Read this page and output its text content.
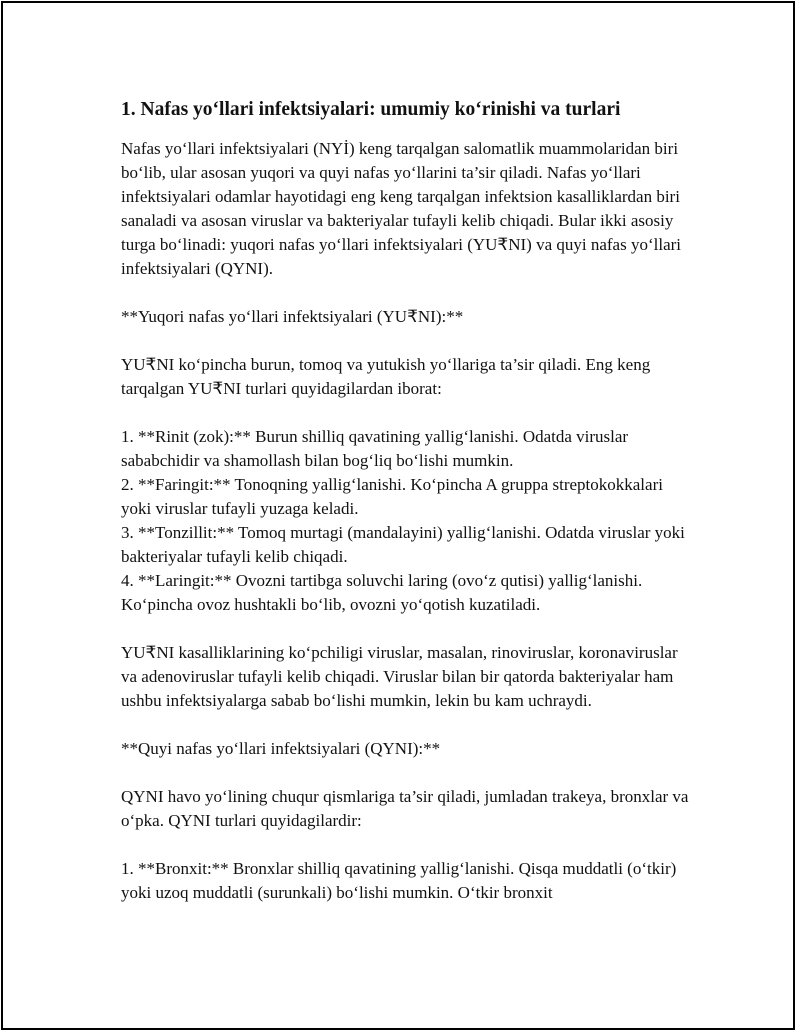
1. Nafas yo‘llari infektsiyalari: umumiy ko‘rinishi va turlari

Nafas yo‘llari infektsiyalari (NYİ) keng tarqalgan salomatlik muammolaridan biri bo‘lib, ular asosan yuqori va quyi nafas yo‘llarini ta’sir qiladi. Nafas yo‘llari infektsiyalari odamlar hayotidagi eng keng tarqalgan infektsion kasalliklardan biri sanaladi va asosan viruslar va bakteriyalar tufayli kelib chiqadi. Bular ikki asosiy turga bo‘linadi: yuqori nafas yo‘llari infektsiyalari (YU₹NI) va quyi nafas yo‘llari infektsiyalari (QYNI).

**Yuqori nafas yo‘llari infektsiyalari (YU₹NI):**

YU₹NI ko‘pincha burun, tomoq va yutukish yo‘llariga ta’sir qiladi. Eng keng tarqalgan YU₹NI turlari quyidagilardan iborat:

1. **Rinit (zok):** Burun shilliq qavatining yallig‘lanishi. Odatda viruslar sababchidir va shamollash bilan bog‘liq bo‘lishi mumkin.

2. **Faringit:** Tonoqning yallig‘lanishi. Ko‘pincha A gruppa streptokokkalari yoki viruslar tufayli yuzaga keladi.

3. **Tonzillit:** Tomoq murtagi (mandalayini) yallig‘lanishi. Odatda viruslar yoki bakteriyalar tufayli kelib chiqadi.

4. **Laringit:** Ovozni tartibga soluvchi laring (ovo‘z qutisi) yallig‘lanishi. Ko‘pincha ovoz hushtakli bo‘lib, ovozni yo‘qotish kuzatiladi.

YU₹NI kasalliklarining ko‘pchiligi viruslar, masalan, rinoviruslar, koronaviruslar va adenoviruslar tufayli kelib chiqadi. Viruslar bilan bir qatorda bakteriyalar ham ushbu infektsiyalarga sabab bo‘lishi mumkin, lekin bu kam uchraydi.

**Quyi nafas yo‘llari infektsiyalari (QYNI):**

QYNI havo yo‘lining chuqur qismlariga ta’sir qiladi, jumladan trakeya, bronxlar va o‘pka. QYNI turlari quyidagilardir:

1. **Bronxit:** Bronxlar shilliq qavatining yallig‘lanishi. Qisqa muddatli (o‘tkir) yoki uzoq muddatli (surunkali) bo‘lishi mumkin. O‘tkir bronxit
